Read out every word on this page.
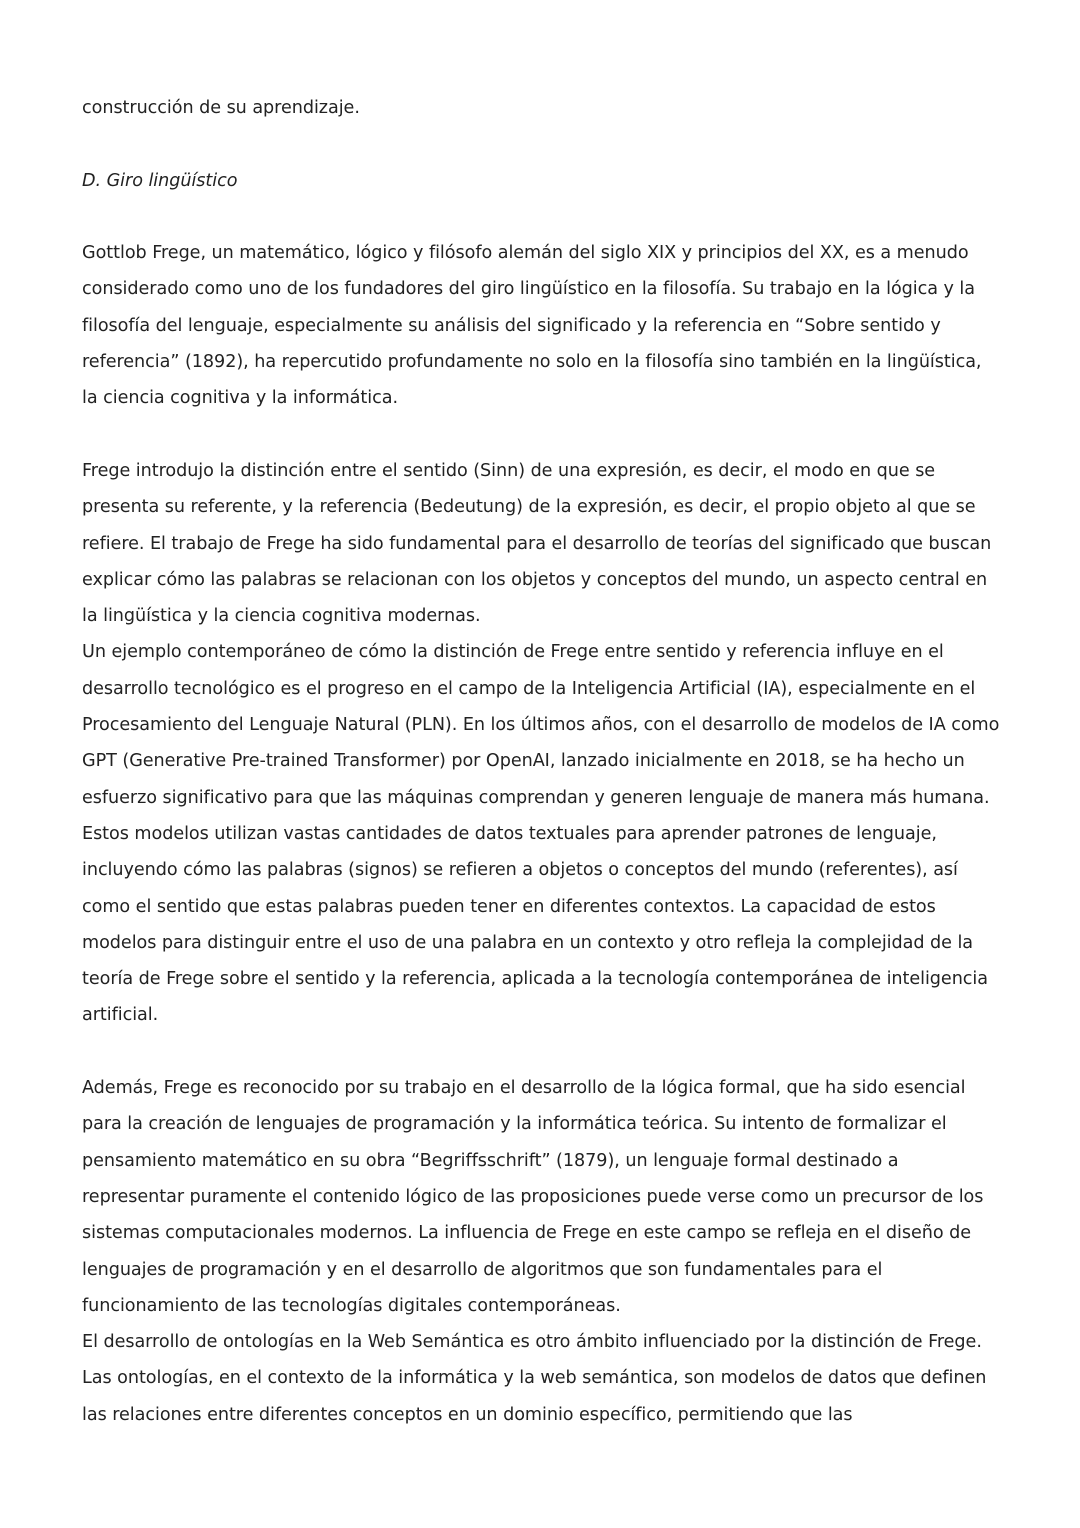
construcción de su aprendizaje.

D. Giro lingüístico

Gottlob Frege, un matemático, lógico y filósofo alemán del siglo XIX y principios del XX, es a menudo considerado como uno de los fundadores del giro lingüístico en la filosofía. Su trabajo en la lógica y la filosofía del lenguaje, especialmente su análisis del significado y la referencia en “Sobre sentido y referencia” (1892), ha repercutido profundamente no solo en la filosofía sino también en la lingüística, la ciencia cognitiva y la informática.

Frege introdujo la distinción entre el sentido (Sinn) de una expresión, es decir, el modo en que se presenta su referente, y la referencia (Bedeutung) de la expresión, es decir, el propio objeto al que se refiere. El trabajo de Frege ha sido fundamental para el desarrollo de teorías del significado que buscan explicar cómo las palabras se relacionan con los objetos y conceptos del mundo, un aspecto central en la lingüística y la ciencia cognitiva modernas.

Un ejemplo contemporáneo de cómo la distinción de Frege entre sentido y referencia influye en el desarrollo tecnológico es el progreso en el campo de la Inteligencia Artificial (IA), especialmente en el Procesamiento del Lenguaje Natural (PLN). En los últimos años, con el desarrollo de modelos de IA como GPT (Generative Pre-trained Transformer) por OpenAI, lanzado inicialmente en 2018, se ha hecho un esfuerzo significativo para que las máquinas comprendan y generen lenguaje de manera más humana. Estos modelos utilizan vastas cantidades de datos textuales para aprender patrones de lenguaje, incluyendo cómo las palabras (signos) se refieren a objetos o conceptos del mundo (referentes), así como el sentido que estas palabras pueden tener en diferentes contextos. La capacidad de estos modelos para distinguir entre el uso de una palabra en un contexto y otro refleja la complejidad de la teoría de Frege sobre el sentido y la referencia, aplicada a la tecnología contemporánea de inteligencia artificial.

Además, Frege es reconocido por su trabajo en el desarrollo de la lógica formal, que ha sido esencial para la creación de lenguajes de programación y la informática teórica. Su intento de formalizar el pensamiento matemático en su obra “Begriffsschrift” (1879), un lenguaje formal destinado a representar puramente el contenido lógico de las proposiciones puede verse como un precursor de los sistemas computacionales modernos. La influencia de Frege en este campo se refleja en el diseño de lenguajes de programación y en el desarrollo de algoritmos que son fundamentales para el funcionamiento de las tecnologías digitales contemporáneas.

El desarrollo de ontologías en la Web Semántica es otro ámbito influenciado por la distinción de Frege. Las ontologías, en el contexto de la informática y la web semántica, son modelos de datos que definen las relaciones entre diferentes conceptos en un dominio específico, permitiendo que las
